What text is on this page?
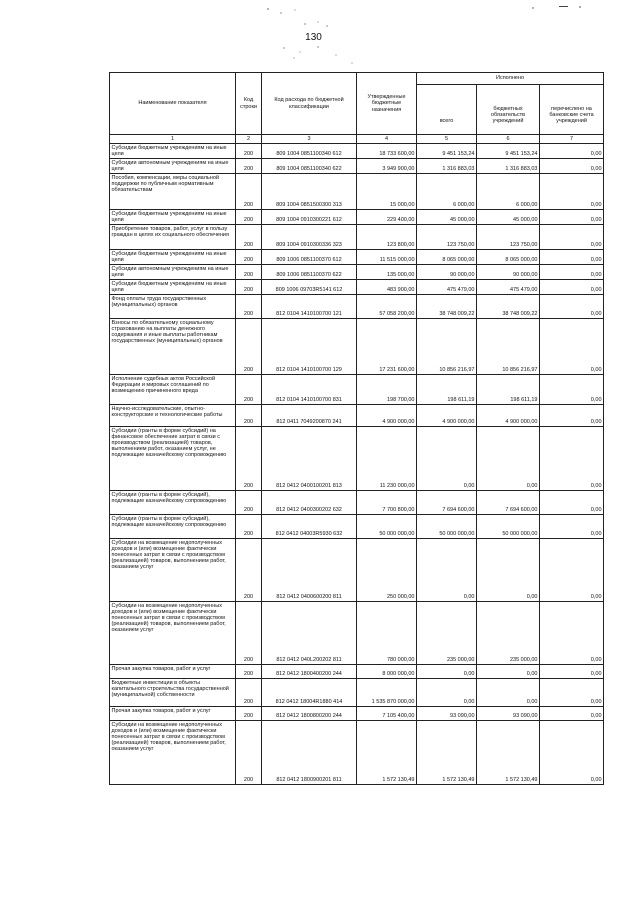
130
Наименование показателя	Код строки	Код расхода по бюджетной классификации	Утвержденные бюджетные назначения	Исполнено		
				всего	бюджетных обязательств учреждений	перечислено на банковские счета учреждений
1	2	3	4	5	6	7
Субсидии бюджетным учреждениям на иные цели	200	809 1004 0851100340 612	18 733 600,00	9 451 153,24	9 451 153,24	0,00
Субсидии автономным учреждениям на иные цели	200	809 1004 0851100340 622	3 949 900,00	1 316 883,03	1 316 883,03	0,00
Пособия, компенсации, меры социальной поддержки по публичным нормативным обязательствам	200	809 1004 0851500300 313	15 000,00	6 000,00	6 000,00	0,00
Субсидии бюджетным учреждениям на иные цели	200	809 1004 0910300221 612	229 400,00	45 000,00	45 000,00	0,00
Приобретение товаров, работ, услуг в пользу граждан в целях их социального обеспечения	200	809 1004 0910300336 323	123 800,00	123 750,00	123 750,00	0,00
Субсидии бюджетным учреждениям на иные цели	200	809 1006 0851100370 612	11 515 000,00	8 065 000,00	8 065 000,00	0,00
Субсидии автономным учреждениям на иные цели	200	809 1006 0851100370 622	135 000,00	90 000,00	90 000,00	0,00
Субсидии бюджетным учреждениям на иные цели	200	809 1006 09703R5141 612	483 900,00	475 479,00	475 479,00	0,00
Фонд оплаты труда государственных (муниципальных) органов	200	812 0104 1410100700 121	57 058 200,00	38 748 009,22	38 748 009,22	0,00
Взносы по обязательному социальному страхованию на выплаты денежного содержания и иные выплаты работникам государственных (муниципальных) органов	200	812 0104 1410100700 129	17 231 600,00	10 856 216,97	10 856 216,97	0,00
Исполнение судебных актов Российской Федерации и мировых соглашений по возмещению причиненного вреда	200	812 0104 1410100700 831	198 700,00	198 611,19	198 611,19	0,00
Научно-исследовательские, опытно-конструкторские и технологические работы	200	812 0411 7049200870 241	4 900 000,00	4 900 000,00	4 900 000,00	0,00
Субсидии (гранты в форме субсидий) на финансовое обеспечение затрат в связи с производством (реализацией) товаров, выполнением работ, оказанием услуг, не подлежащие казначейскому сопровождению	200	812 0412 0400100201 813	11 230 000,00	0,00	0,00	0,00
Субсидии (гранты в форме субсидий), подлежащие казначейскому сопровождению	200	812 0412 0400300202 632	7 700 800,00	7 694 600,00	7 694 600,00	0,00
Субсидии (гранты в форме субсидий), подлежащие казначейскому сопровождению	200	812 0412 04003R5930 632	50 000 000,00	50 000 000,00	50 000 000,00	0,00
Субсидии на возмещение недополученных доходов и (или) возмещение фактически понесенных затрат в связи с производством (реализацией) товаров, выполнением работ, оказанием услуг	200	812 0412 0400600200 811	250 000,00	0,00	0,00	0,00
Субсидии на возмещение недополученных доходов и (или) возмещение фактически понесенных затрат в связи с производством (реализацией) товаров, выполнением работ, оказанием услуг	200	812 0412 040L200202 811	780 000,00	235 000,00	235 000,00	0,00
Прочая закупка товаров, работ и услуг	200	812 0412 1800400200 244	8 000 000,00	0,00	0,00	0,00
Бюджетные инвестиции в объекты капитального строительства государственной (муниципальной) собственности	200	812 0412 18004R1880 414	1 535 870 000,00	0,00	0,00	0,00
Прочая закупка товаров, работ и услуг	200	812 0412 1800800200 244	7 105 400,00	93 090,00	93 090,00	0,00
Субсидии на возмещение недополученных доходов и (или) возмещение фактически понесенных затрат в связи с производством (реализацией) товаров, выполнением работ, оказанием услуг	200	812 0412 1800900201 811	1 572 130,49	1 572 130,49	1 572 130,49	0,00
